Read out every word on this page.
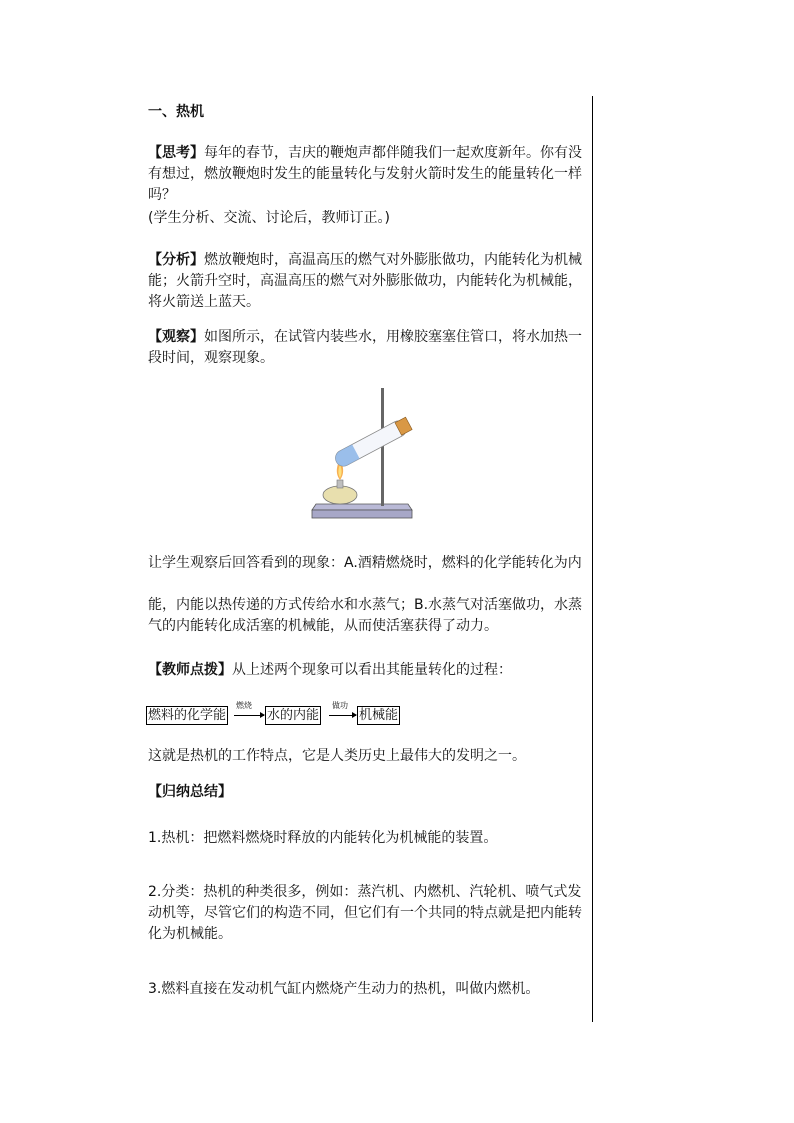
一、热机
【思考】每年的春节，吉庆的鞭炮声都伴随我们一起欢度新年。你有没有想过，燃放鞭炮时发生的能量转化与发射火箭时发生的能量转化一样吗？
(学生分析、交流、讨论后，教师订正。)
【分析】燃放鞭炮时，高温高压的燃气对外膨胀做功，内能转化为机械能；火箭升空时，高温高压的燃气对外膨胀做功，内能转化为机械能，将火箭送上蓝天。
【观察】如图所示，在试管内装些水，用橡胶塞塞住管口，将水加热一段时间，观察现象。
让学生观察后回答看到的现象：A.酒精燃烧时，燃料的化学能转化为内
能，内能以热传递的方式传给水和水蒸气；B.水蒸气对活塞做功，水蒸气的内能转化成活塞的机械能，从而使活塞获得了动力。
【教师点拨】从上述两个现象可以看出其能量转化的过程：
燃料的化学能
燃烧
水的内能
做功
机械能
这就是热机的工作特点，它是人类历史上最伟大的发明之一。
【归纳总结】
1.热机：把燃料燃烧时释放的内能转化为机械能的装置。
2.分类：热机的种类很多，例如：蒸汽机、内燃机、汽轮机、喷气式发动机等，尽管它们的构造不同，但它们有一个共同的特点就是把内能转化为机械能。
3.燃料直接在发动机气缸内燃烧产生动力的热机，叫做内燃机。
